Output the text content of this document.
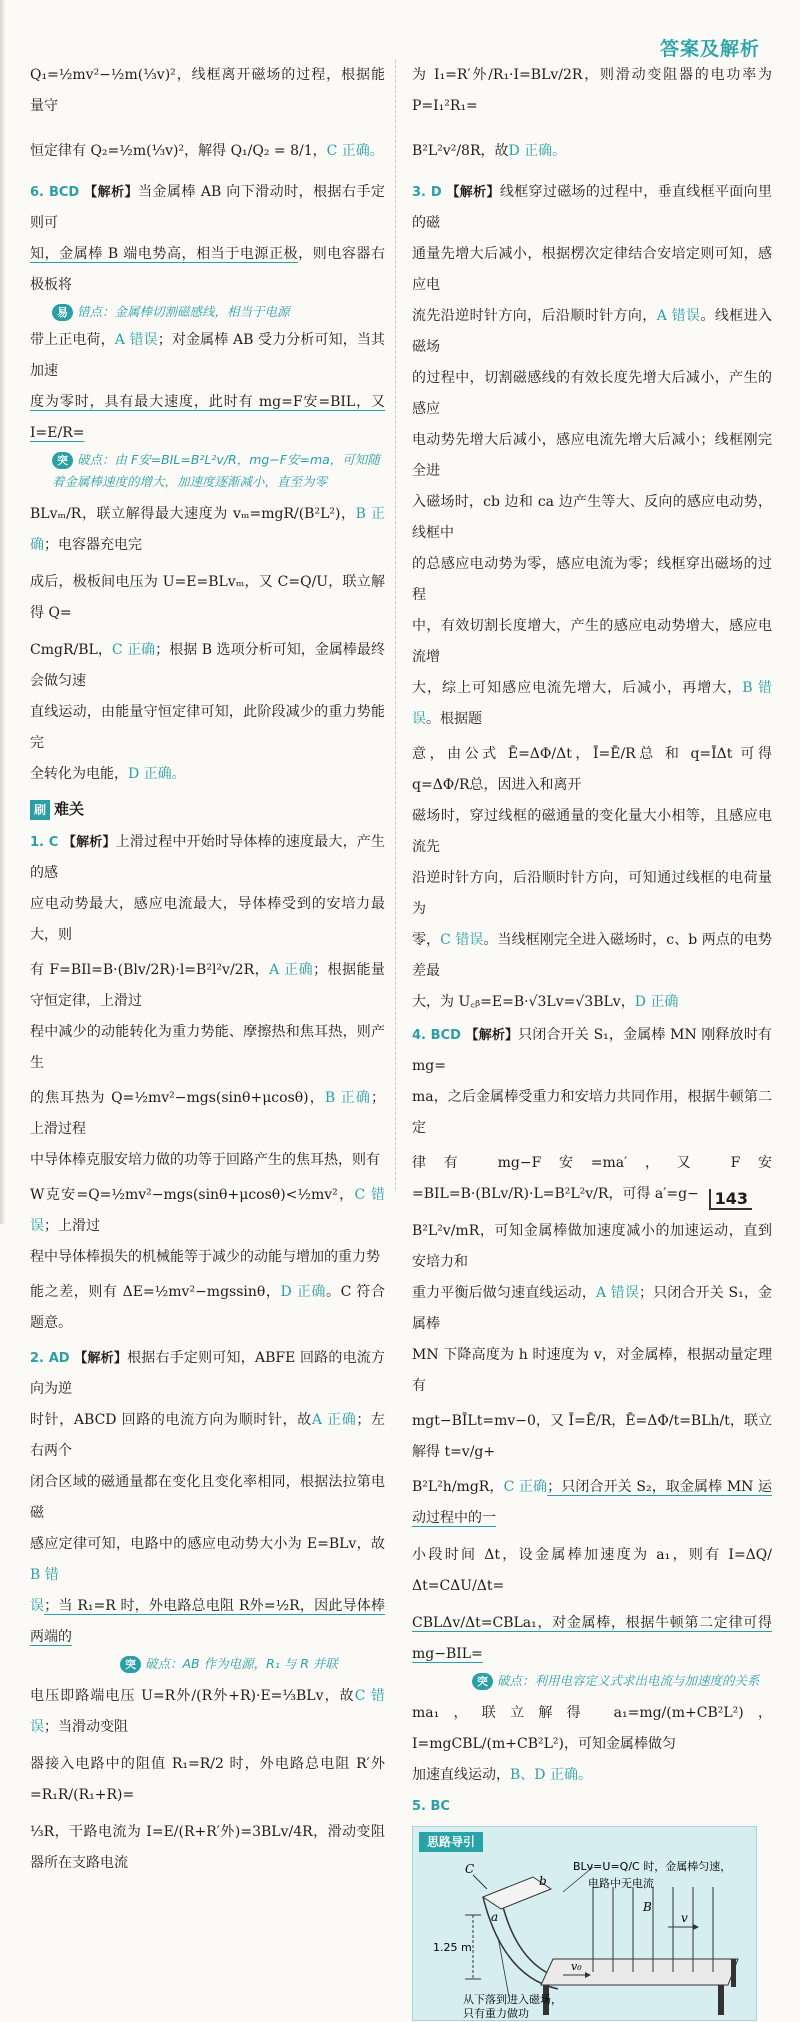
答案及解析
Q₁=½mv²−½m(⅓v)²，线框离开磁场的过程，根据能量守
恒定律有 Q₂=½m(⅓v)²，解得 Q₁/Q₂ = 8/1，C 正确。
6. BCD 【解析】当金属棒 AB 向下滑动时，根据右手定则可
知，金属棒 B 端电势高，相当于电源正极，则电容器右极板将
易 错点：金属棒切割磁感线，相当于电源
带上正电荷，A 错误；对金属棒 AB 受力分析可知，当其加速
度为零时，具有最大速度，此时有 mg=F安=BIL，又 I=E/R=
突 破点：由 F安=BIL=B²L²v/R，mg−F安=ma，可知随着金属棒速度的增大，加速度逐渐减小，直至为零
BLvₘ/R，联立解得最大速度为 vₘ=mgR/(B²L²)，B 正确；电容器充电完
成后，极板间电压为 U=E=BLvₘ，又 C=Q/U，联立解得 Q=
CmgR/BL，C 正确；根据 B 选项分析可知，金属棒最终会做匀速
直线运动，由能量守恒定律可知，此阶段减少的重力势能完
全转化为电能，D 正确。
刷 难关
1. C 【解析】上滑过程中开始时导体棒的速度最大，产生的感
应电动势最大，感应电流最大，导体棒受到的安培力最大，则
有 F=BIl=B·(Blv/2R)·l=B²l²v/2R，A 正确；根据能量守恒定律，上滑过
程中减少的动能转化为重力势能、摩擦热和焦耳热，则产生
的焦耳热为 Q=½mv²−mgs(sinθ+μcosθ)，B 正确；上滑过程
中导体棒克服安培力做的功等于回路产生的焦耳热，则有
W克安=Q=½mv²−mgs(sinθ+μcosθ)<½mv²，C 错误；上滑过
程中导体棒损失的机械能等于减少的动能与增加的重力势
能之差，则有 ΔE=½mv²−mgssinθ，D 正确。C 符合题意。
2. AD 【解析】根据右手定则可知，ABFE 回路的电流方向为逆
时针，ABCD 回路的电流方向为顺时针，故A 正确；左右两个
闭合区域的磁通量都在变化且变化率相同，根据法拉第电磁
感应定律可知，电路中的感应电动势大小为 E=BLv，故B 错
误；当 R₁=R 时，外电路总电阻 R外=½R，因此导体棒两端的
突 破点：AB 作为电源，R₁ 与 R 并联
电压即路端电压 U=R外/(R外+R)·E=⅓BLv，故C 错误；当滑动变阻
器接入电路中的阻值 R₁=R/2 时，外电路总电阻 R′外=R₁R/(R₁+R)=
⅓R，干路电流为 I=E/(R+R′外)=3BLv/4R，滑动变阻器所在支路电流
为 I₁=R′外/R₁·I=BLv/2R，则滑动变阻器的电功率为 P=I₁²R₁=
B²L²v²/8R，故D 正确。
3. D 【解析】线框穿过磁场的过程中，垂直线框平面向里的磁
通量先增大后减小，根据楞次定律结合安培定则可知，感应电
流先沿逆时针方向，后沿顺时针方向，A 错误。线框进入磁场
的过程中，切割磁感线的有效长度先增大后减小，产生的感应
电动势先增大后减小，感应电流先增大后减小；线框刚完全进
入磁场时，cb 边和 ca 边产生等大、反向的感应电动势，线框中
的总感应电动势为零，感应电流为零；线框穿出磁场的过程
中，有效切割长度增大，产生的感应电动势增大，感应电流增
大，综上可知感应电流先增大，后减小，再增大，B 错误。根据题
意，由公式 Ē=ΔΦ/Δt，Ī=Ē/R总 和 q=ĪΔt 可得 q=ΔΦ/R总，因进入和离开
磁场时，穿过线框的磁通量的变化量大小相等，且感应电流先
沿逆时针方向，后沿顺时针方向，可知通过线框的电荷量为
零，C 错误。当线框刚完全进入磁场时，c、b 两点的电势差最
大，为 U꜀ᵦ=E=B·√3Lv=√3BLv，D 正确
4. BCD 【解析】只闭合开关 S₁，金属棒 MN 刚释放时有 mg=
ma，之后金属棒受重力和安培力共同作用，根据牛顿第二定
律有 mg−F安=ma′，又 F安=BIL=B·(BLv/R)·L=B²L²v/R，可得 a′=g−
B²L²v/mR，可知金属棒做加速度减小的加速运动，直到安培力和
重力平衡后做匀速直线运动，A 错误；只闭合开关 S₁，金属棒
MN 下降高度为 h 时速度为 v，对金属棒，根据动量定理有
mgt−BĪLt=mv−0，又 Ī=Ē/R，Ē=ΔΦ/t=BLh/t，联立解得 t=v/g+
B²L²h/mgR，C 正确；只闭合开关 S₂，取金属棒 MN 运动过程中的一
小段时间 Δt，设金属棒加速度为 a₁，则有 I=ΔQ/Δt=CΔU/Δt=
CBLΔv/Δt=CBLa₁，对金属棒，根据牛顿第二定律可得 mg−BIL=
突 破点：利用电容定义式求出电流与加速度的关系
ma₁，联立解得 a₁=mg/(m+CB²L²)，I=mgCBL/(m+CB²L²)，可知金属棒做匀
加速直线运动，B、D 正确。
5. BC
BLv=U=Q/C 时，金属棒匀速，
电路中无电流
C
a
b
B
v
v₀
1.25 m
从下落到进入磁场，
只有重力做功
思路导引
143
